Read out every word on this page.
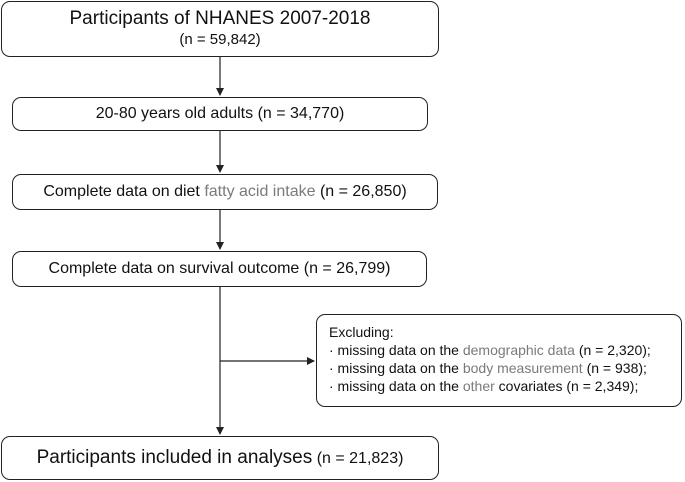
Participants of NHANES 2007-2018
(n = 59,842)
20-80 years old adults (n = 34,770)
Complete data on diet fatty acid intake (n = 26,850)
Complete data on survival outcome (n = 26,799)
Excluding:
· missing data on the demographic data (n = 2,320);
· missing data on the body measurement (n = 938);
· missing data on the other covariates (n = 2,349);
Participants included in analyses (n = 21,823)
